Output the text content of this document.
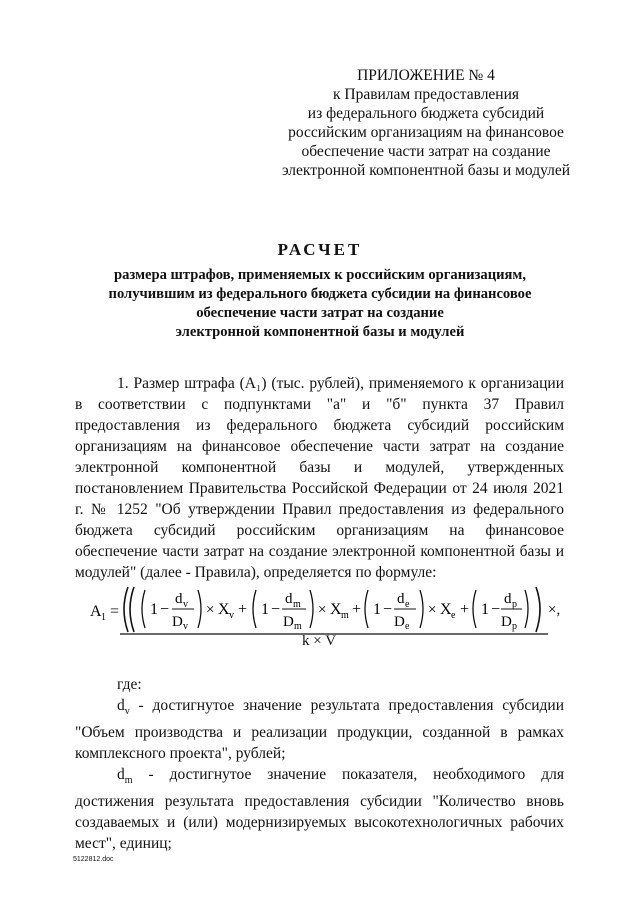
ПРИЛОЖЕНИЕ № 4
к Правилам предоставления
из федерального бюджета субсидий
российским организациям на финансовое
обеспечение части затрат на создание
электронной компонентной базы и модулей
РАСЧЕТ
размера штрафов, применяемых к российским организациям,
получившим из федерального бюджета субсидии на финансовое
обеспечение части затрат на создание
электронной компонентной базы и модулей
1. Размер штрафа (А₁) (тыс. рублей), применяемого к организации в соответствии с подпунктами "а" и "б" пункта 37 Правил предоставления из федерального бюджета субсидий российским организациям на финансовое обеспечение части затрат на создание электронной компонентной базы и модулей, утвержденных постановлением Правительства Российской Федерации от 24 июля 2021 г. № 1252 "Об утверждении Правил предоставления из федерального бюджета субсидий российским организациям на финансовое обеспечение части затрат на создание электронной компонентной базы и модулей" (далее - Правила), определяется по формуле:
A 1 = 1 −
d v
D v
× X v + 1 −
d m
D m
× X m + 1 −
d e
D e
× X e + 1 −
d p
D p
×,
k × V
где:

$d_v$ - достигнутое значение результата предоставления субсидии "Объем производства и реализации продукции, созданной в рамках комплексного проекта", рублей;

$d_m$ - достигнутое значение показателя, необходимого для достижения результата предоставления субсидии "Количество вновь создаваемых и (или) модернизируемых высокотехнологичных рабочих мест", единиц;

5122812.doc
